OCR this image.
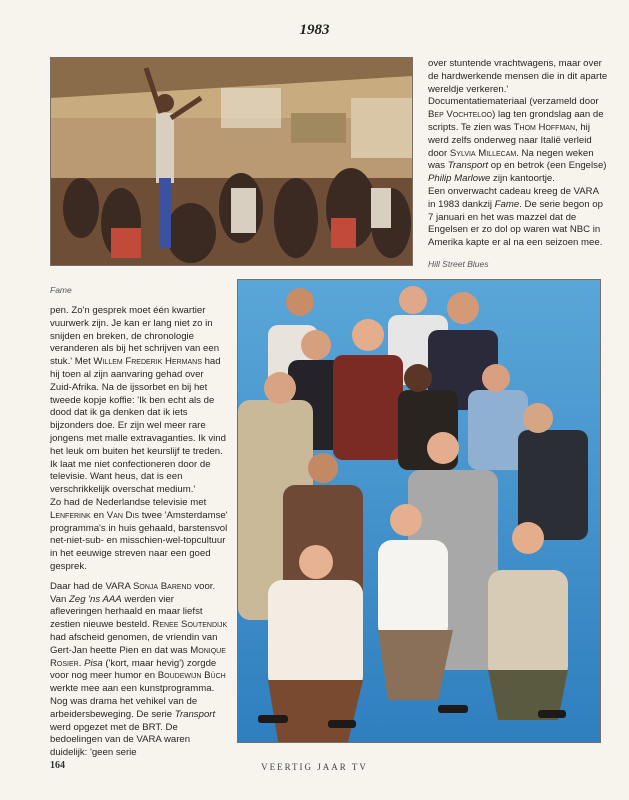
1983

over stuntende vrachtwagens, maar over de hardwerkende mensen die in dit aparte wereldje verkeren.' Documentatiemateriaal (verzameld door Bep Vochteloo) lag ten grondslag aan de scripts. Te zien was Thom Hoffman, hij werd zelfs onderweg naar Italië verleid door Sylvia Millecam. Na negen weken was Transport op en betrok (een Engelse) Philip Marlowe zijn kantoortje.

Een onverwacht cadeau kreeg de VARA in 1983 dankzij Fame. De serie begon op 7 januari en het was mazzel dat de Engelsen er zo dol op waren wat NBC in Amerika kapte er al na een seizoen mee.

Hill Street Blues
Fame

pen. Zo'n gesprek moet één kwartier vuurwerk zijn. Je kan er lang niet zo in snijden en breken, de chronologie veranderen als bij het schrijven van een stuk.' Met Willem Frederik Hermans had hij toen al zijn aanvaring gehad over Zuid-Afrika. Na de ijssorbet en bij het tweede kopje koffie: 'Ik ben echt als de dood dat ik ga denken dat ik iets bijzonders doe. Er zijn wel meer rare jongens met malle extravaganties. Ik vind het leuk om buiten het keurslijf te treden. Ik laat me niet confectioneren door de televisie. Want heus, dat is een verschrikkelijk overschat medium.'

Zo had de Nederlandse televisie met Lenferink en Van Dis twee 'Amsterdamse' programma's in huis gehaald, barstensvol net-niet-sub- en misschien-wel-topcultuur in het eeuwige streven naar een goed gesprek.

Daar had de VARA Sonja Barend voor. Van Zeg 'ns AAA werden vier afleveringen herhaald en maar liefst zestien nieuwe besteld. Renee Soutendijk had afscheid genomen, de vriendin van Gert-Jan heette Pien en dat was Monique Rosier. Pisa ('kort, maar hevig') zorgde voor nog meer humor en Boudewijn Büch werkte mee aan een kunstprogramma.

Nog was drama het vehikel van de arbeidersbeweging. De serie Transport werd opgezet met de BRT. De bedoelingen van de VARA waren duidelijk: 'geen serie

164	VEERTIG JAAR TV
